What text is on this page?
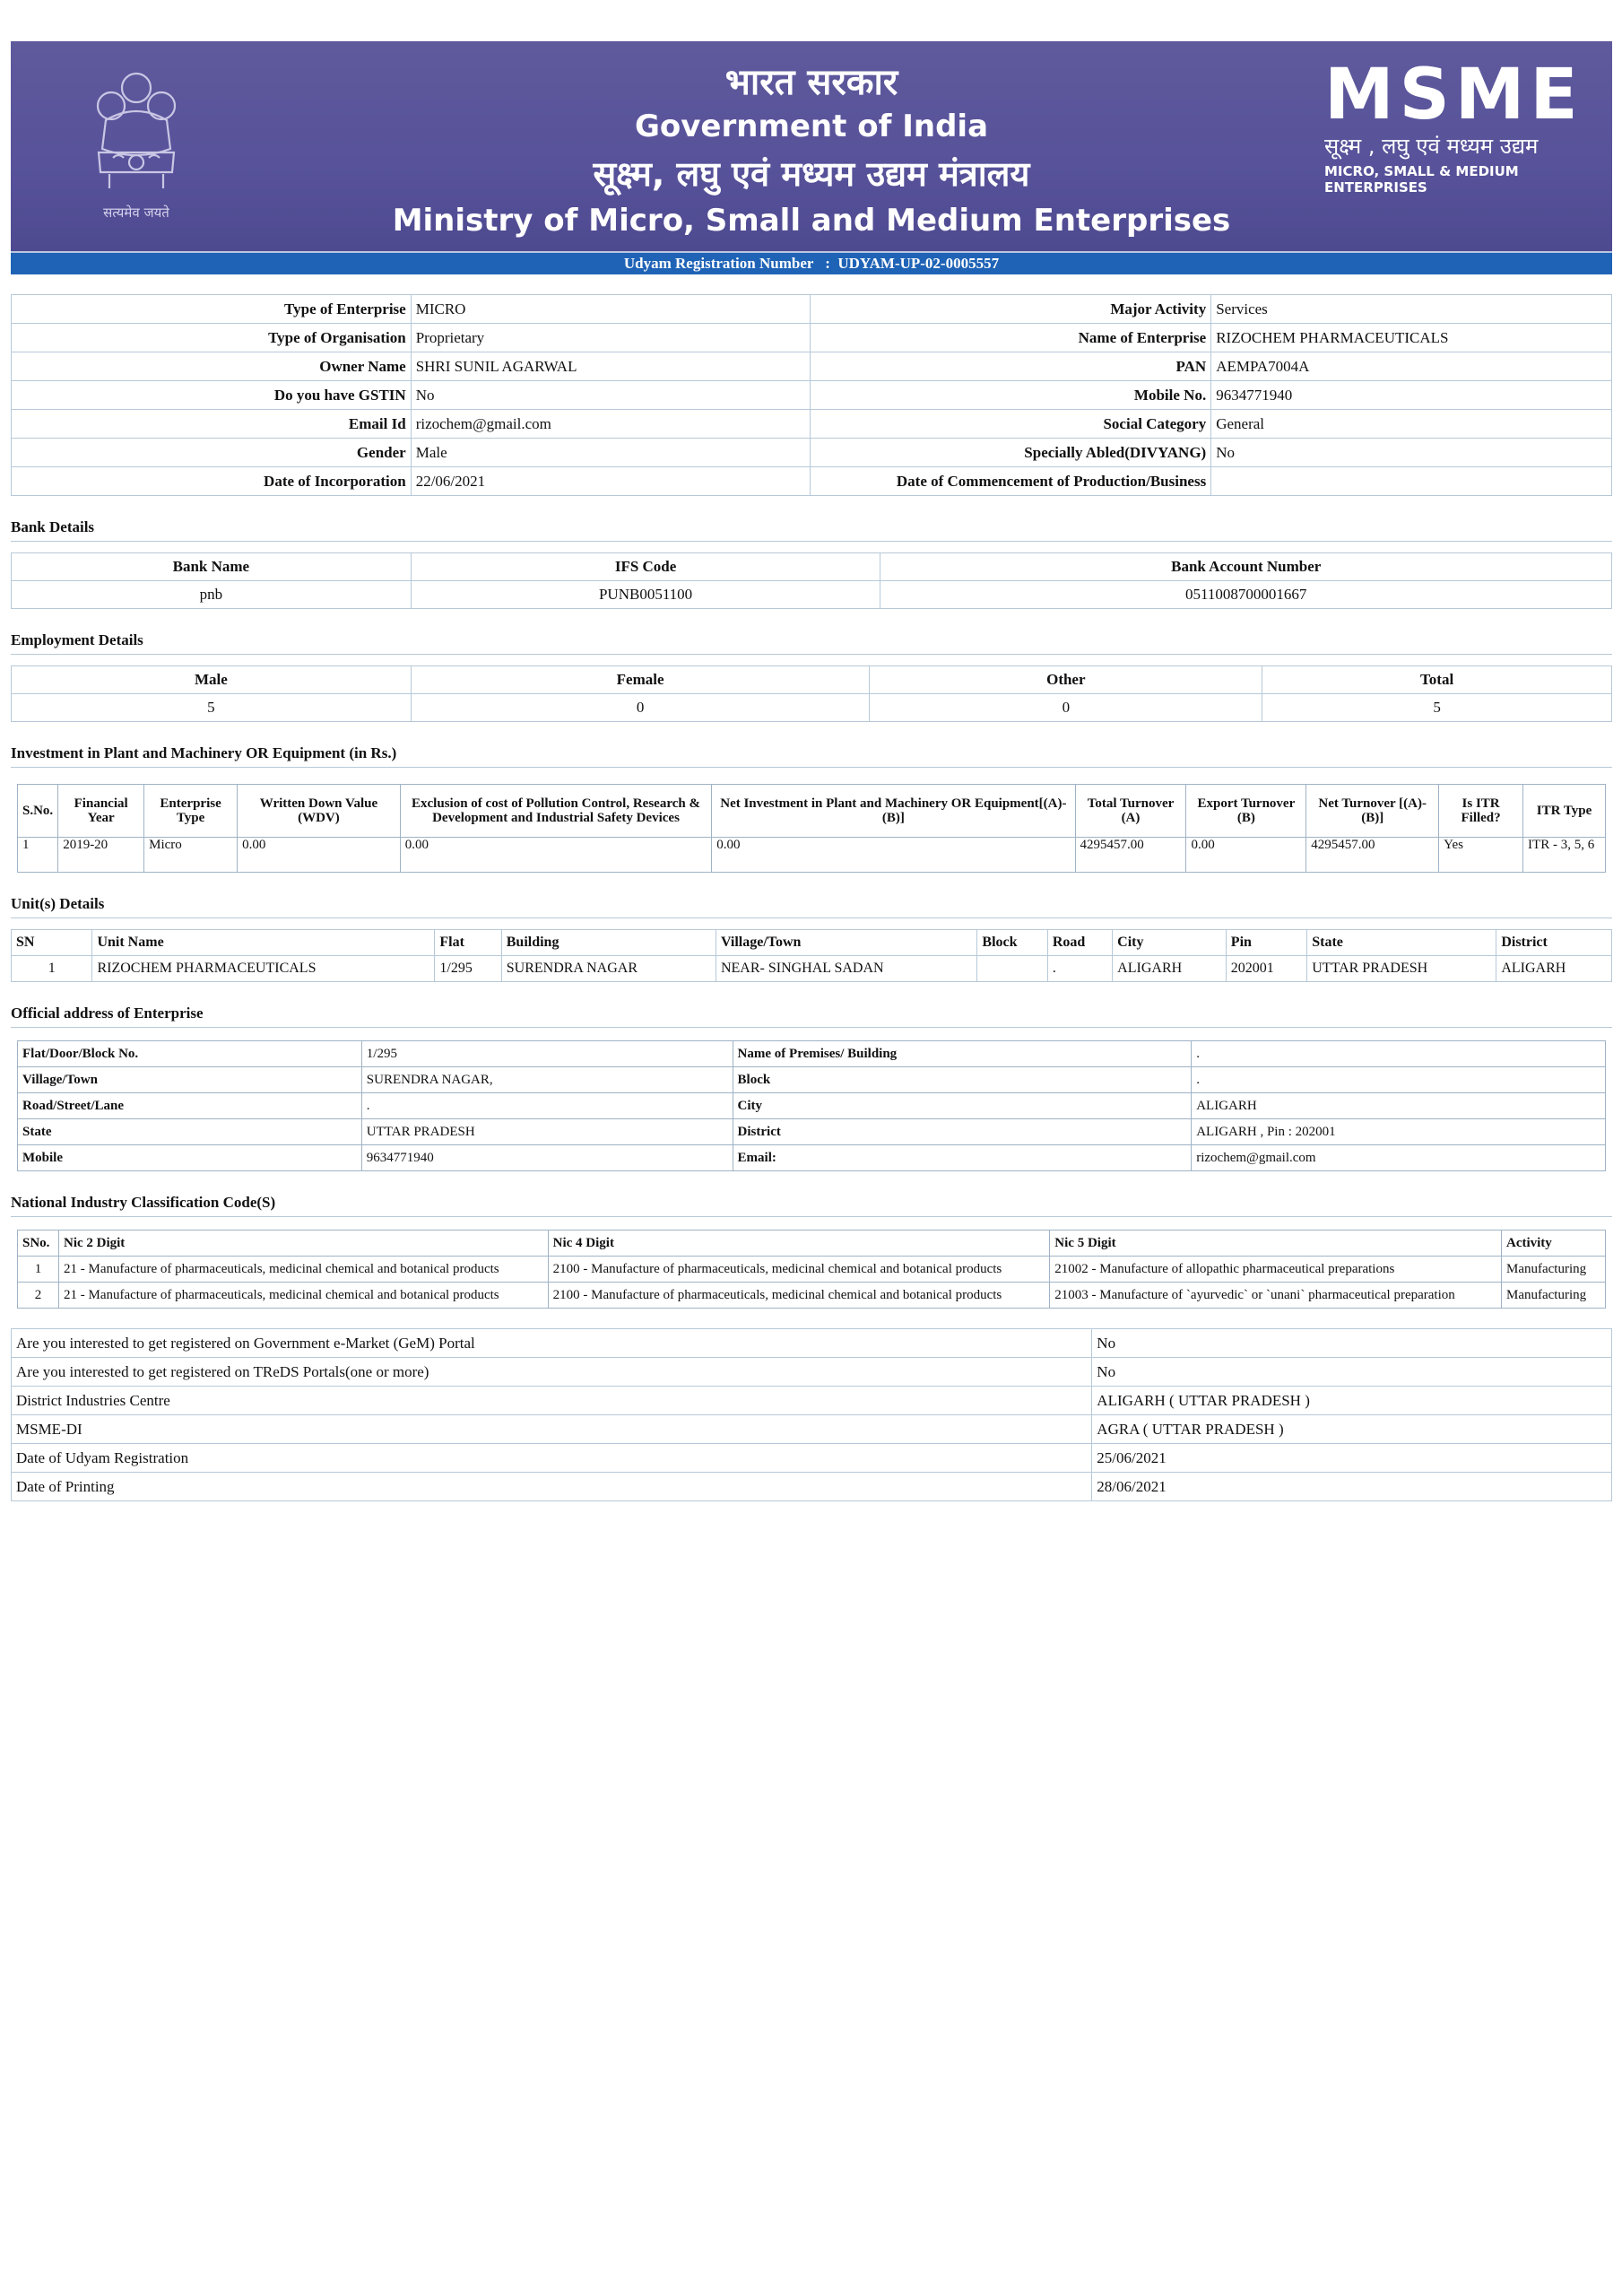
सत्यमेव जयते
भारत सरकार
Government of India
सूक्ष्म, लघु एवं मध्यम उद्यम मंत्रालय
Ministry of Micro, Small and Medium Enterprises
MSME
सूक्ष्म , लघु एवं मध्यम उद्यम
MICRO, SMALL & MEDIUM ENTERPRISES
Udyam Registration Number : UDYAM-UP-02-0005557
Type of Enterprise	MICRO	Major Activity	Services
Type of Organisation	Proprietary	Name of Enterprise	RIZOCHEM PHARMACEUTICALS
Owner Name	SHRI SUNIL AGARWAL	PAN	AEMPA7004A
Do you have GSTIN	No	Mobile No.	9634771940
Email Id	rizochem@gmail.com	Social Category	General
Gender	Male	Specially Abled(DIVYANG)	No
Date of Incorporation	22/06/2021	Date of Commencement of Production/Business	
Bank Details
Bank Name	IFS Code	Bank Account Number
pnb	PUNB0051100	0511008700001667
Employment Details
Male	Female	Other	Total
5	0	0	5
Investment in Plant and Machinery OR Equipment (in Rs.)
S.No.	Financial Year	Enterprise Type	Written Down Value (WDV)	Exclusion of cost of Pollution Control, Research & Development and Industrial Safety Devices	Net Investment in Plant and Machinery OR Equipment[(A)-(B)]	Total Turnover (A)	Export Turnover (B)	Net Turnover [(A)-(B)]	Is ITR Filled?	ITR Type
1	2019-20	Micro	0.00	0.00	0.00	4295457.00	0.00	4295457.00	Yes	ITR - 3, 5, 6
Unit(s) Details
SN	Unit Name	Flat	Building	Village/Town	Block	Road	City	Pin	State	District
1	RIZOCHEM PHARMACEUTICALS	1/295	SURENDRA NAGAR	NEAR- SINGHAL SADAN		.	ALIGARH	202001	UTTAR PRADESH	ALIGARH
Official address of Enterprise
Flat/Door/Block No.	1/295	Name of Premises/ Building	.
Village/Town	SURENDRA NAGAR,	Block	.
Road/Street/Lane	.	City	ALIGARH
State	UTTAR PRADESH	District	ALIGARH , Pin : 202001
Mobile	9634771940	Email:	rizochem@gmail.com
National Industry Classification Code(S)
SNo.	Nic 2 Digit	Nic 4 Digit	Nic 5 Digit	Activity
1	21 - Manufacture of pharmaceuticals, medicinal chemical and botanical products	2100 - Manufacture of pharmaceuticals, medicinal chemical and botanical products	21002 - Manufacture of allopathic pharmaceutical preparations	Manufacturing
2	21 - Manufacture of pharmaceuticals, medicinal chemical and botanical products	2100 - Manufacture of pharmaceuticals, medicinal chemical and botanical products	21003 - Manufacture of `ayurvedic` or `unani` pharmaceutical preparation	Manufacturing
Are you interested to get registered on Government e-Market (GeM) Portal	No
Are you interested to get registered on TReDS Portals(one or more)	No
District Industries Centre	ALIGARH ( UTTAR PRADESH )
MSME-DI	AGRA ( UTTAR PRADESH )
Date of Udyam Registration	25/06/2021
Date of Printing	28/06/2021
